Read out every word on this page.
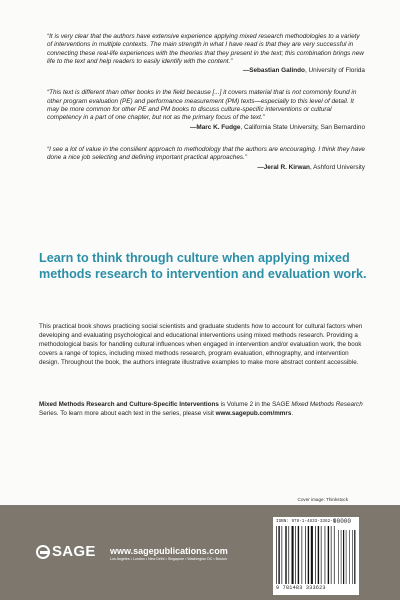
“It is very clear that the authors have extensive experience applying mixed research methodologies to a variety of interventions in multiple contexts. The main strength in what I have read is that they are very successful in connecting these real-life experiences with the theories that they present in the text; this combination brings new life to the text and help readers to easily identify with the content.”

—Sebastian Galindo, University of Florida

“This text is different than other books in the field because [...] it covers material that is not commonly found in other program evaluation (PE) and performance measurement (PM) texts—especially to this level of detail. It may be more common for other PE and PM books to discuss culture-specific interventions or cultural competency in a part of one chapter, but not as the primary focus of the text.”

—Marc K. Fudge, California State University, San Bernardino

“I see a lot of value in the consilient approach to methodology that the authors are encouraging. I think they have done a nice job selecting and defining important practical approaches.”

—Jeral R. Kirwan, Ashford University

Learn to think through culture when applying mixed methods research to intervention and evaluation work.

This practical book shows practicing social scientists and graduate students how to account for cultural factors when developing and evaluating psychological and educational interventions using mixed methods research. Providing a methodological basis for handling cultural influences when engaged in intervention and/or evaluation work, the book covers a range of topics, including mixed methods research, program evaluation, ethnography, and intervention design. Throughout the book, the authors integrate illustrative examples to make more abstract content accessible.

Mixed Methods Research and Culture-Specific Interventions is Volume 2 in the SAGE Mixed Methods Research Series. To learn more about each text in the series, please visit www.sagepub.com/mmrs.

Cover image: Thinkstock

SAGE www.sagepublications.com

Los Angeles • London • New Delhi • Singapore • Washington DC • Boston

ISBN: 978-1-4833-3362-3
90000
9 781483 333623
